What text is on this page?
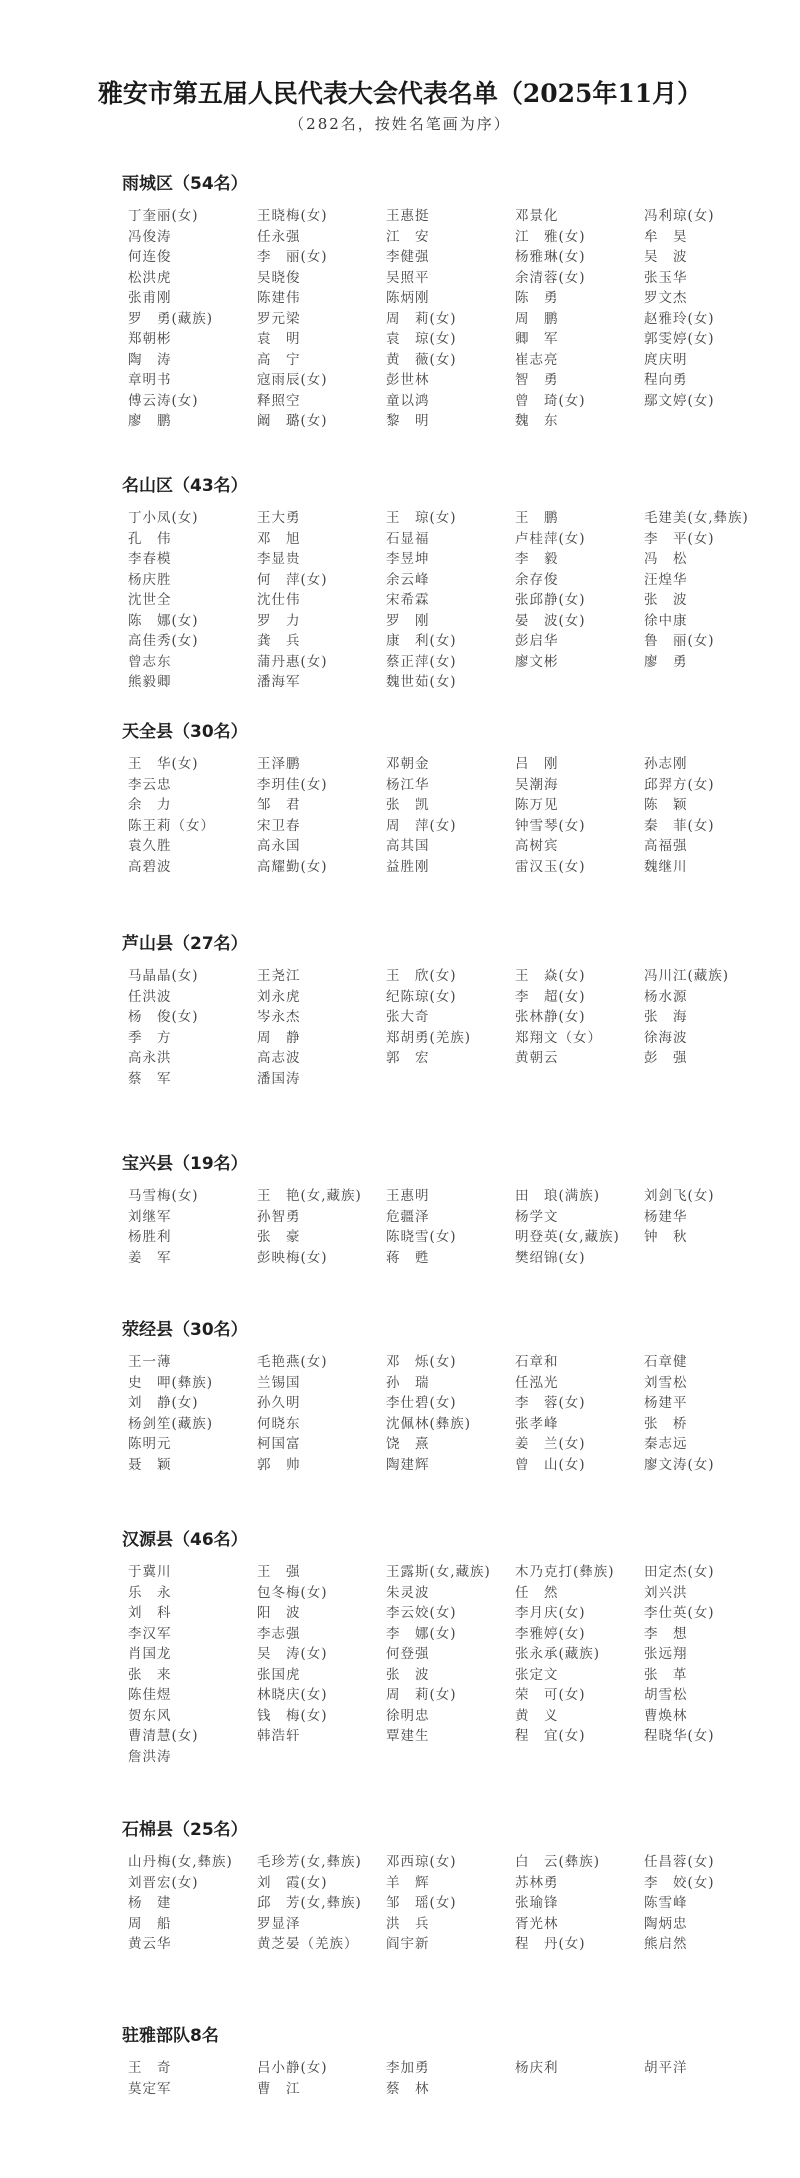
雅安市第五届人民代表大会代表名单（2025年11月）

（282名，按姓名笔画为序）

雨城区（54名）
丁奎丽(女)	王晓梅(女)	王惠挺	邓景化	冯利琼(女)
冯俊涛	任永强	江　安	江　雅(女)	牟　昊
何连俊	李　丽(女)	李健强	杨雅琳(女)	吴　波
松洪虎	吴晓俊	吴照平	余清蓉(女)	张玉华
张甫刚	陈建伟	陈炳刚	陈　勇	罗文杰
罗　勇(藏族)	罗元梁	周　莉(女)	周　鹏	赵雅玲(女)
郑朝彬	袁　明	袁　琼(女)	卿　军	郭雯婷(女)
陶　涛	高　宁	黄　薇(女)	崔志亮	庹庆明
章明书	寇雨辰(女)	彭世林	智　勇	程向勇
傅云涛(女)	释照空	童以鸿	曾　琦(女)	鄢文婷(女)
廖　鹏	阚　璐(女)	黎　明	魏　东
名山区（43名）
丁小凤(女)	王大勇	王　琼(女)	王　鹏	毛建美(女,彝族)
孔　伟	邓　旭	石显福	卢桂萍(女)	李　平(女)
李春模	李显贵	李昱坤	李　毅	冯　松
杨庆胜	何　萍(女)	余云峰	余存俊	汪煌华
沈世全	沈仕伟	宋希霖	张邱静(女)	张　波
陈　娜(女)	罗　力	罗　刚	晏　波(女)	徐中康
高佳秀(女)	龚　兵	康　利(女)	彭启华	鲁　丽(女)
曾志东	蒲丹惠(女)	蔡正萍(女)	廖文彬	廖　勇
熊毅卿	潘海军	魏世茹(女)
天全县（30名）
王　华(女)	王泽鹏	邓朝金	吕　刚	孙志刚
李云忠	李玥佳(女)	杨江华	吴潮海	邱羿方(女)
余　力	邹　君	张　凯	陈万见	陈　颖
陈王莉（女）	宋卫春	周　萍(女)	钟雪琴(女)	秦　菲(女)
袁久胜	高永国	高其国	高树宾	高福强
高碧波	高耀勤(女)	益胜刚	雷汉玉(女)	魏继川
芦山县（27名）
马晶晶(女)	王尧江	王　欣(女)	王　焱(女)	冯川江(藏族)
任洪波	刘永虎	纪陈琼(女)	李　超(女)	杨水源
杨　俊(女)	岑永杰	张大奇	张林静(女)	张　海
季　方	周　静	郑胡勇(羌族)	郑翔文（女）	徐海波
高永洪	高志波	郭　宏	黄朝云	彭　强
蔡　军	潘国涛
宝兴县（19名）
马雪梅(女)	王　艳(女,藏族)	王惠明	田　琅(满族)	刘剑飞(女)
刘继军	孙智勇	危疆泽	杨学文	杨建华
杨胜利	张　豪	陈晓雪(女)	明登英(女,藏族)	钟　秋
姜　军	彭映梅(女)	蒋　甦	樊绍锦(女)
荥经县（30名）
王一薄	毛艳燕(女)	邓　烁(女)	石章和	石章健
史　呷(彝族)	兰锡国	孙　瑞	任泓光	刘雪松
刘　静(女)	孙久明	李仕碧(女)	李　蓉(女)	杨建平
杨剑笙(藏族)	何晓东	沈佩林(彝族)	张孝峰	张　桥
陈明元	柯国富	饶　熹	姜　兰(女)	秦志远
聂　颖	郭　帅	陶建辉	曾　山(女)	廖文涛(女)
汉源县（46名）
于冀川	王　强	王露斯(女,藏族)	木乃克打(彝族)	田定杰(女)
乐　永	包冬梅(女)	朱灵波	任　然	刘兴洪
刘　科	阳　波	李云姣(女)	李月庆(女)	李仕英(女)
李汉军	李志强	李　娜(女)	李雅婷(女)	李　想
肖国龙	吴　涛(女)	何登强	张永承(藏族)	张远翔
张　来	张国虎	张　波	张定文	张　革
陈佳煜	林晓庆(女)	周　莉(女)	荣　可(女)	胡雪松
贺东风	钱　梅(女)	徐明忠	黄　义	曹焕林
曹清慧(女)	韩浩轩	覃建生	程　宜(女)	程晓华(女)
詹洪涛
石棉县（25名）
山丹梅(女,彝族)	毛珍芳(女,彝族)	邓西琼(女)	白　云(彝族)	任昌蓉(女)
刘晋宏(女)	刘　霞(女)	羊　辉	苏林勇	李　姣(女)
杨　建	邱　芳(女,彝族)	邹　瑶(女)	张瑜锋	陈雪峰
周　船	罗显泽	洪　兵	胥光林	陶炳忠
黄云华	黄芝晏（羌族）	阎宇新	程　丹(女)	熊启然
驻雅部队8名
王　奇	吕小静(女)	李加勇	杨庆利	胡平洋
莫定军	曹　江	蔡　林
